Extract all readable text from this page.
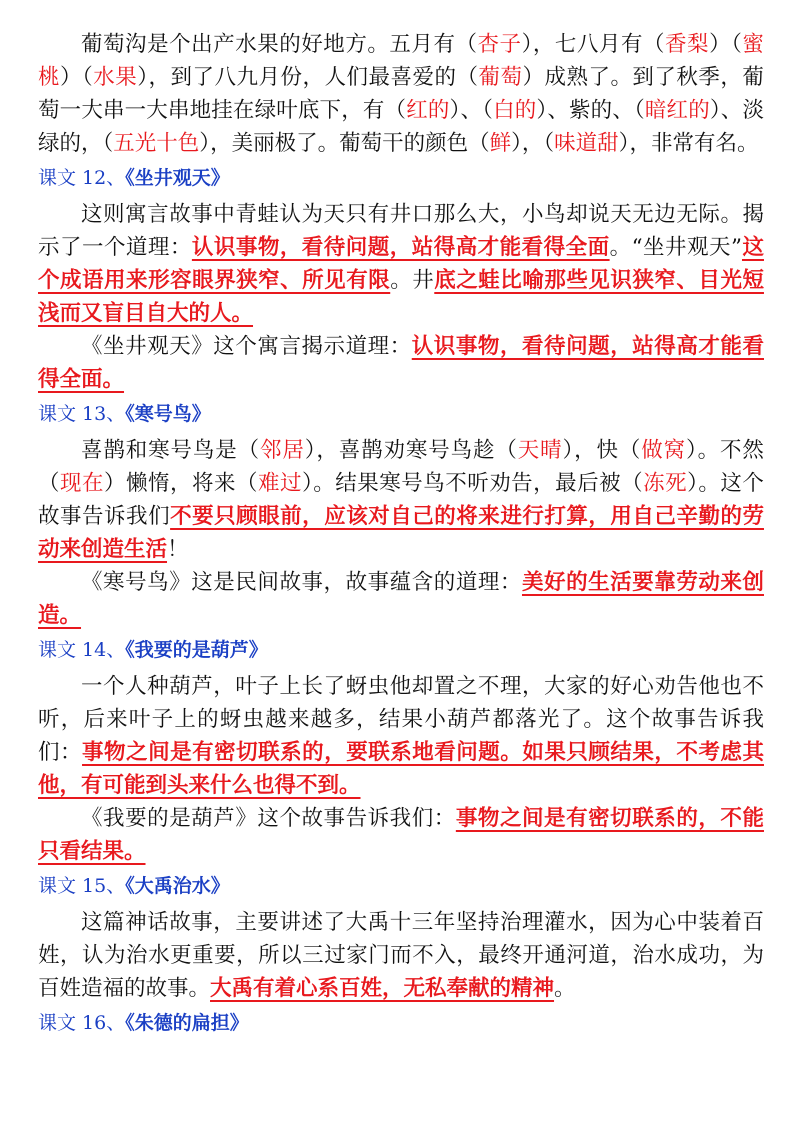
葡萄沟是个出产水果的好地方。五月有（杏子），七八月有（香梨）（蜜桃）（水果），到了八九月份，人们最喜爱的（葡萄）成熟了。到了秋季，葡萄一大串一大串地挂在绿叶底下，有（红的）、（白的）、紫的、（暗红的）、淡绿的，（五光十色），美丽极了。葡萄干的颜色（鲜），（味道甜），非常有名。

课文 12、《坐井观天》

这则寓言故事中青蛙认为天只有井口那么大，小鸟却说天无边无际。揭示了一个道理：认识事物，看待问题，站得高才能看得全面。“坐井观天”这个成语用来形容眼界狭窄、所见有限。井底之蛙比喻那些见识狭窄、目光短浅而又盲目自大的人。

《坐井观天》这个寓言揭示道理：认识事物，看待问题，站得高才能看得全面。

课文 13、《寒号鸟》

喜鹊和寒号鸟是（邻居），喜鹊劝寒号鸟趁（天晴），快（做窝）。不然（现在）懒惰，将来（难过）。结果寒号鸟不听劝告，最后被（冻死）。这个故事告诉我们不要只顾眼前，应该对自己的将来进行打算，用自己辛勤的劳动来创造生活！

《寒号鸟》这是民间故事，故事蕴含的道理：美好的生活要靠劳动来创造。

课文 14、《我要的是葫芦》

一个人种葫芦，叶子上长了蚜虫他却置之不理，大家的好心劝告他也不听，后来叶子上的蚜虫越来越多，结果小葫芦都落光了。这个故事告诉我们：事物之间是有密切联系的，要联系地看问题。如果只顾结果，不考虑其他，有可能到头来什么也得不到。

《我要的是葫芦》这个故事告诉我们：事物之间是有密切联系的，不能只看结果。

课文 15、《大禹治水》

这篇神话故事，主要讲述了大禹十三年坚持治理灌水，因为心中装着百姓，认为治水更重要，所以三过家门而不入，最终开通河道，治水成功，为百姓造福的故事。大禹有着心系百姓，无私奉献的精神。

课文 16、《朱德的扁担》
